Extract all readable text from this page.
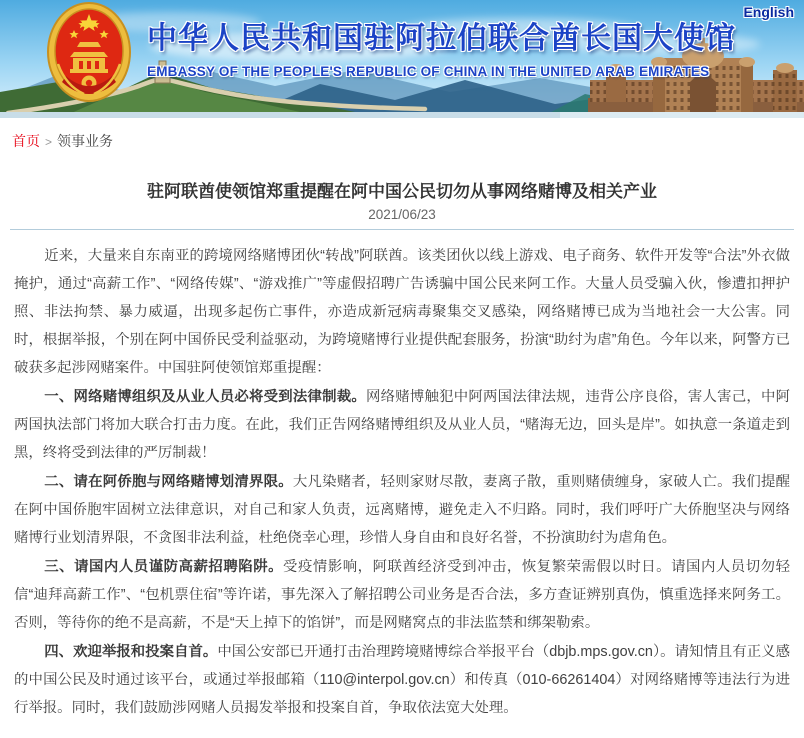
中华人民共和国驻阿拉伯联合酋长国大使馆
EMBASSY OF THE PEOPLE'S REPUBLIC OF CHINA IN THE UNITED ARAB EMIRATES
English
首页 > 领事业务
驻阿联酋使领馆郑重提醒在阿中国公民切勿从事网络赌博及相关产业
2021/06/23

近来，大量来自东南亚的跨境网络赌博团伙“转战”阿联酋。该类团伙以线上游戏、电子商务、软件开发等“合法”外衣做掩护，通过“高薪工作”、“网络传媒”、“游戏推广”等虚假招聘广告诱骗中国公民来阿工作。大量人员受骗入伙，惨遭扣押护照、非法拘禁、暴力威逼，出现多起伤亡事件，亦造成新冠病毒聚集交叉感染，网络赌博已成为当地社会一大公害。同时，根据举报，个别在阿中国侨民受利益驱动，为跨境赌博行业提供配套服务，扮演“助纣为虐”角色。今年以来，阿警方已破获多起涉网赌案件。中国驻阿使领馆郑重提醒：

一、网络赌博组织及从业人员必将受到法律制裁。网络赌博触犯中阿两国法律法规，违背公序良俗，害人害己，中阿两国执法部门将加大联合打击力度。在此，我们正告网络赌博组织及从业人员，“赌海无边，回头是岸”。如执意一条道走到黑，终将受到法律的严厉制裁！

二、请在阿侨胞与网络赌博划清界限。大凡染赌者，轻则家财尽散，妻离子散，重则赌债缠身，家破人亡。我们提醒在阿中国侨胞牢固树立法律意识，对自己和家人负责，远离赌博，避免走入不归路。同时，我们呼吁广大侨胞坚决与网络赌博行业划清界限，不贪图非法利益，杜绝侥幸心理，珍惜人身自由和良好名誉，不扮演助纣为虐角色。

三、请国内人员谨防高薪招聘陷阱。受疫情影响，阿联酋经济受到冲击，恢复繁荣需假以时日。请国内人员切勿轻信“迪拜高薪工作”、“包机票住宿”等许诺，事先深入了解招聘公司业务是否合法，多方查证辨别真伪，慎重选择来阿务工。否则，等待你的绝不是高薪，不是“天上掉下的馅饼”，而是网赌窝点的非法监禁和绑架勒索。

四、欢迎举报和投案自首。中国公安部已开通打击治理跨境赌博综合举报平台（dbjb.mps.gov.cn）。请知情且有正义感的中国公民及时通过该平台，或通过举报邮箱（110@interpol.gov.cn）和传真（010-66261404）对网络赌博等违法行为进行举报。同时，我们鼓励涉网赌人员揭发举报和投案自首，争取依法宽大处理。
